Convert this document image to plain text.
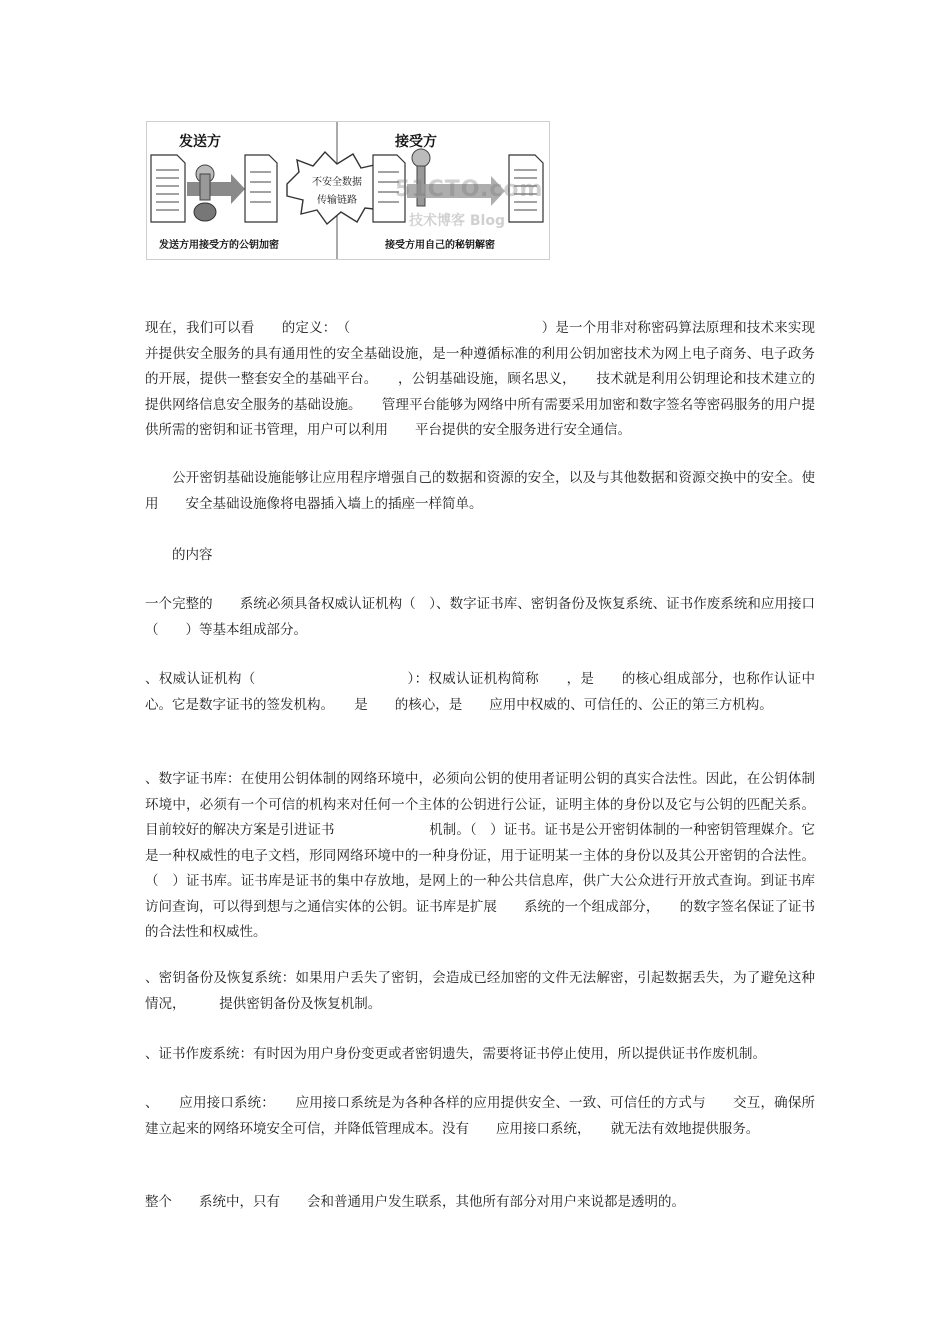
发送方	接受方
不安全数据
传输链路
发送方用接受方的公钥加密	接受方用自己的秘钥解密
51CTO.com
技术博客 Blog

现在，我们可以看　　的定义：　（　　　　　　　　　　　　　　）是一个用非对称密码算法原理和技术来实现并提供安全服务的具有通用性的安全基础设施，是一种遵循标准的利用公钥加密技术为网上电子商务、电子政务的开展，提供一整套安全的基础平台。　　，公钥基础设施，顾名思义，　　技术就是利用公钥理论和技术建立的提供网络信息安全服务的基础设施。　　管理平台能够为网络中所有需要采用加密和数字签名等密码服务的用户提供所需的密钥和证书管理，用户可以利用　　平台提供的安全服务进行安全通信。

公开密钥基础设施能够让应用程序增强自己的数据和资源的安全，以及与其他数据和资源交换中的安全。使用　　安全基础设施像将电器插入墙上的插座一样简单。

的内容

一个完整的　　系统必须具备权威认证机构（　）、数字证书库、密钥备份及恢复系统、证书作废系统和应用接口（　　）等基本组成部分。

、权威认证机构（　　　　　　　　　　　）：权威认证机构简称　　，是　　的核心组成部分，也称作认证中心。它是数字证书的签发机构。　　是　　的核心，是　　应用中权威的、可信任的、公正的第三方机构。

、数字证书库：在使用公钥体制的网络环境中，必须向公钥的使用者证明公钥的真实合法性。因此，在公钥体制环境中，必须有一个可信的机构来对任何一个主体的公钥进行公证，证明主体的身份以及它与公钥的匹配关系。目前较好的解决方案是引进证书　　　　　　　机制。（　）证书。证书是公开密钥体制的一种密钥管理媒介。它是一种权威性的电子文档，形同网络环境中的一种身份证，用于证明某一主体的身份以及其公开密钥的合法性。（　）证书库。证书库是证书的集中存放地，是网上的一种公共信息库，供广大公众进行开放式查询。到证书库访问查询，可以得到想与之通信实体的公钥。证书库是扩展　　系统的一个组成部分，　　的数字签名保证了证书的合法性和权威性。

、密钥备份及恢复系统：如果用户丢失了密钥，会造成已经加密的文件无法解密，引起数据丢失，为了避免这种情况，　　　提供密钥备份及恢复机制。

、证书作废系统：有时因为用户身份变更或者密钥遗失，需要将证书停止使用，所以提供证书作废机制。

、　　应用接口系统：　　应用接口系统是为各种各样的应用提供安全、一致、可信任的方式与　　交互，确保所建立起来的网络环境安全可信，并降低管理成本。没有　　应用接口系统，　　就无法有效地提供服务。

整个　　系统中，只有　　会和普通用户发生联系，其他所有部分对用户来说都是透明的。
